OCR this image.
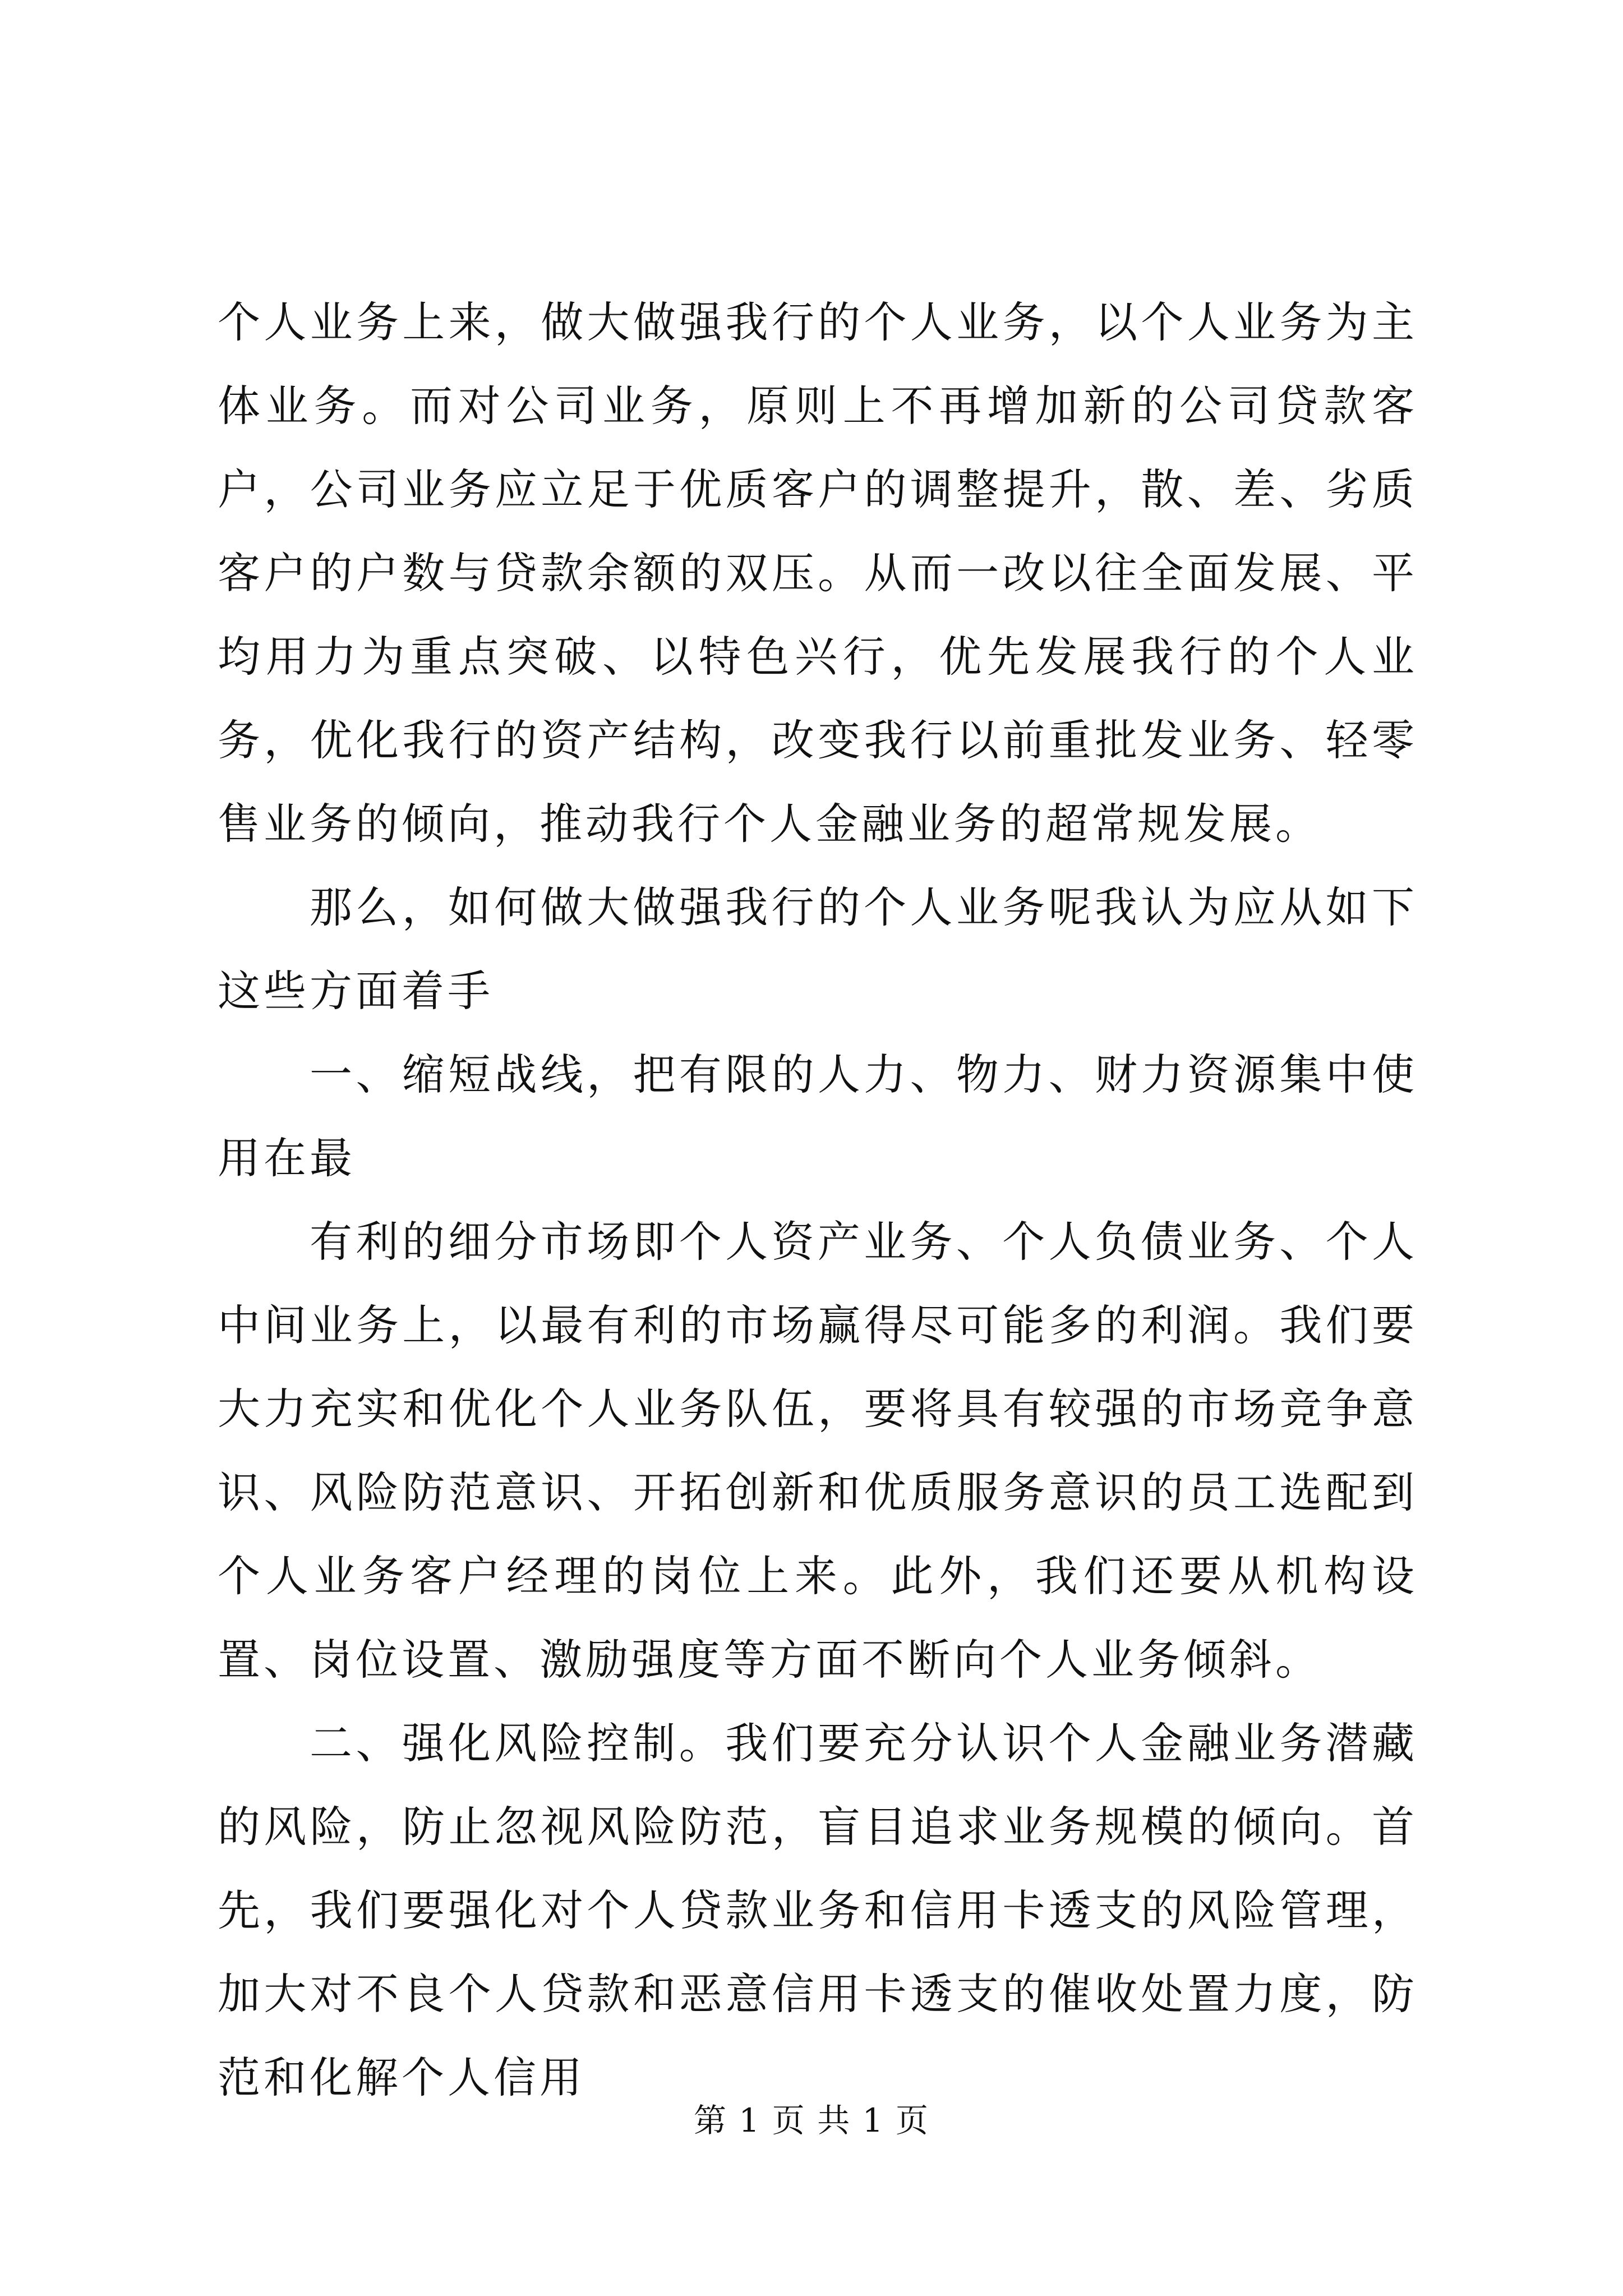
个人业务上来，做大做强我行的个人业务，以个人业务为主体业务。而对公司业务，原则上不再增加新的公司贷款客户，公司业务应立足于优质客户的调整提升，散、差、劣质客户的户数与贷款余额的双压。从而一改以往全面发展、平均用力为重点突破、以特色兴行，优先发展我行的个人业务，优化我行的资产结构，改变我行以前重批发业务、轻零售业务的倾向，推动我行个人金融业务的超常规发展。

那么，如何做大做强我行的个人业务呢我认为应从如下这些方面着手

一、缩短战线，把有限的人力、物力、财力资源集中使用在最

有利的细分市场即个人资产业务、个人负债业务、个人中间业务上，以最有利的市场赢得尽可能多的利润。我们要大力充实和优化个人业务队伍，要将具有较强的市场竞争意识、风险防范意识、开拓创新和优质服务意识的员工选配到个人业务客户经理的岗位上来。此外，我们还要从机构设置、岗位设置、激励强度等方面不断向个人业务倾斜。

二、强化风险控制。我们要充分认识个人金融业务潜藏的风险，防止忽视风险防范，盲目追求业务规模的倾向。首先，我们要强化对个人贷款业务和信用卡透支的风险管理，加大对不良个人贷款和恶意信用卡透支的催收处置力度，防范和化解个人信用

第 1 页 共 1 页
